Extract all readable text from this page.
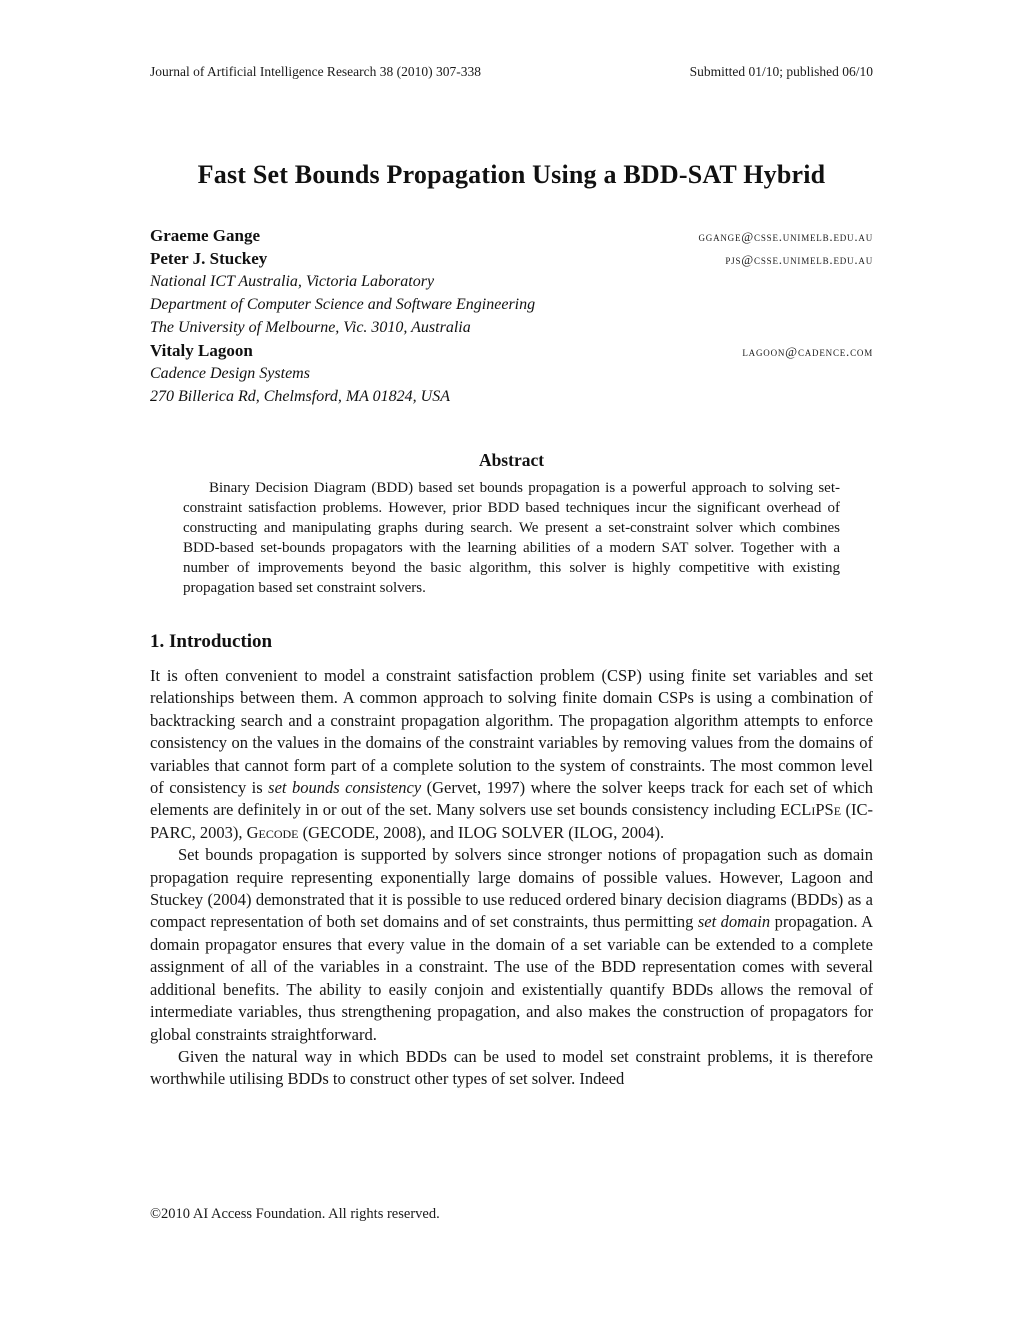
Journal of Artificial Intelligence Research 38 (2010) 307-338	Submitted 01/10; published 06/10
Fast Set Bounds Propagation Using a BDD-SAT Hybrid
Graeme Gange	ggange@csse.unimelb.edu.au
Peter J. Stuckey	pjs@csse.unimelb.edu.au
National ICT Australia, Victoria Laboratory
Department of Computer Science and Software Engineering
The University of Melbourne, Vic. 3010, Australia
Vitaly Lagoon	lagoon@cadence.com
Cadence Design Systems
270 Billerica Rd, Chelmsford, MA 01824, USA
Abstract
Binary Decision Diagram (BDD) based set bounds propagation is a powerful approach to solving set-constraint satisfaction problems. However, prior BDD based techniques incur the significant overhead of constructing and manipulating graphs during search. We present a set-constraint solver which combines BDD-based set-bounds propagators with the learning abilities of a modern SAT solver. Together with a number of improvements beyond the basic algorithm, this solver is highly competitive with existing propagation based set constraint solvers.
1. Introduction

It is often convenient to model a constraint satisfaction problem (CSP) using finite set variables and set relationships between them. A common approach to solving finite domain CSPs is using a combination of backtracking search and a constraint propagation algorithm. The propagation algorithm attempts to enforce consistency on the values in the domains of the constraint variables by removing values from the domains of variables that cannot form part of a complete solution to the system of constraints. The most common level of consistency is set bounds consistency (Gervet, 1997) where the solver keeps track for each set of which elements are definitely in or out of the set. Many solvers use set bounds consistency including ECLiPSe (IC-PARC, 2003), Gecode (GECODE, 2008), and ILOG SOLVER (ILOG, 2004).

Set bounds propagation is supported by solvers since stronger notions of propagation such as domain propagation require representing exponentially large domains of possible values. However, Lagoon and Stuckey (2004) demonstrated that it is possible to use reduced ordered binary decision diagrams (BDDs) as a compact representation of both set domains and of set constraints, thus permitting set domain propagation. A domain propagator ensures that every value in the domain of a set variable can be extended to a complete assignment of all of the variables in a constraint. The use of the BDD representation comes with several additional benefits. The ability to easily conjoin and existentially quantify BDDs allows the removal of intermediate variables, thus strengthening propagation, and also makes the construction of propagators for global constraints straightforward.

Given the natural way in which BDDs can be used to model set constraint problems, it is therefore worthwhile utilising BDDs to construct other types of set solver. Indeed

©2010 AI Access Foundation. All rights reserved.
